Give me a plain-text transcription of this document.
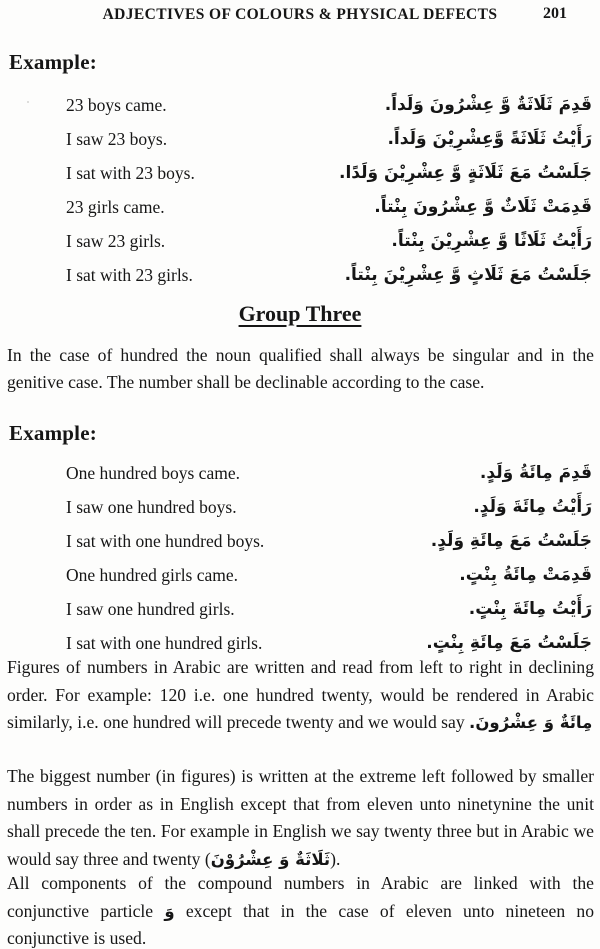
ADJECTIVES OF COLOURS & PHYSICAL DEFECTS	201
Example:
23 boys came.	قَدِمَ ثَلَاثَةٌ وَّ عِشْرُونَ وَلَداً.
I saw 23 boys.	رَأَيْتُ ثَلَاثَةً وَّعِشْرِيْنَ وَلَداً.
I sat with 23 boys.	جَلَسْتُ مَعَ ثَلَاثَةٍ وَّ عِشْرِيْنَ وَلَدًا.
23 girls came.	قَدِمَتْ ثَلَاثٌ وَّ عِشْرُونَ بِنْتاً.
I saw 23 girls.	رَأَيْتُ ثَلَاثًا وَّ عِشْرِيْنَ بِنْتاً.
I sat with 23 girls.	جَلَسْتُ مَعَ ثَلَاثٍ وَّ عِشْرِيْنَ بِنْتاً.
Group Three
In the case of hundred the noun qualified shall always be singular and in the genitive case. The number shall be declinable according to the case.
Example:
One hundred boys came.	قَدِمَ مِائَةُ وَلَدٍ.
I saw one hundred boys.	رَأَيْتُ مِائَةَ وَلَدٍ.
I sat with one hundred boys.	جَلَسْتُ مَعَ مِائَةِ وَلَدٍ.
One hundred girls came.	قَدِمَتْ مِائَةُ بِنْتٍ.
I saw one hundred girls.	رَأَيْتُ مِائَةَ بِنْتٍ.
I sat with one hundred girls.	جَلَسْتُ مَعَ مِائَةِ بِنْتٍ.
Figures of numbers in Arabic are written and read from left to right in declining order. For example: 120 i.e. one hundred twenty, would be rendered in Arabic similarly, i.e. one hundred will precede twenty and we would say مِائَةٌ وَ عِشْرُونَ.
The biggest number (in figures) is written at the extreme left followed by smaller numbers in order as in English except that from eleven unto ninetynine the unit shall precede the ten. For example in English we say twenty three but in Arabic we would say three and twenty (ثَلَاثَةٌ وَ عِشْرُوْنَ).
All components of the compound numbers in Arabic are linked with the conjunctive particle وَ except that in the case of eleven unto nineteen no conjunctive is used.
